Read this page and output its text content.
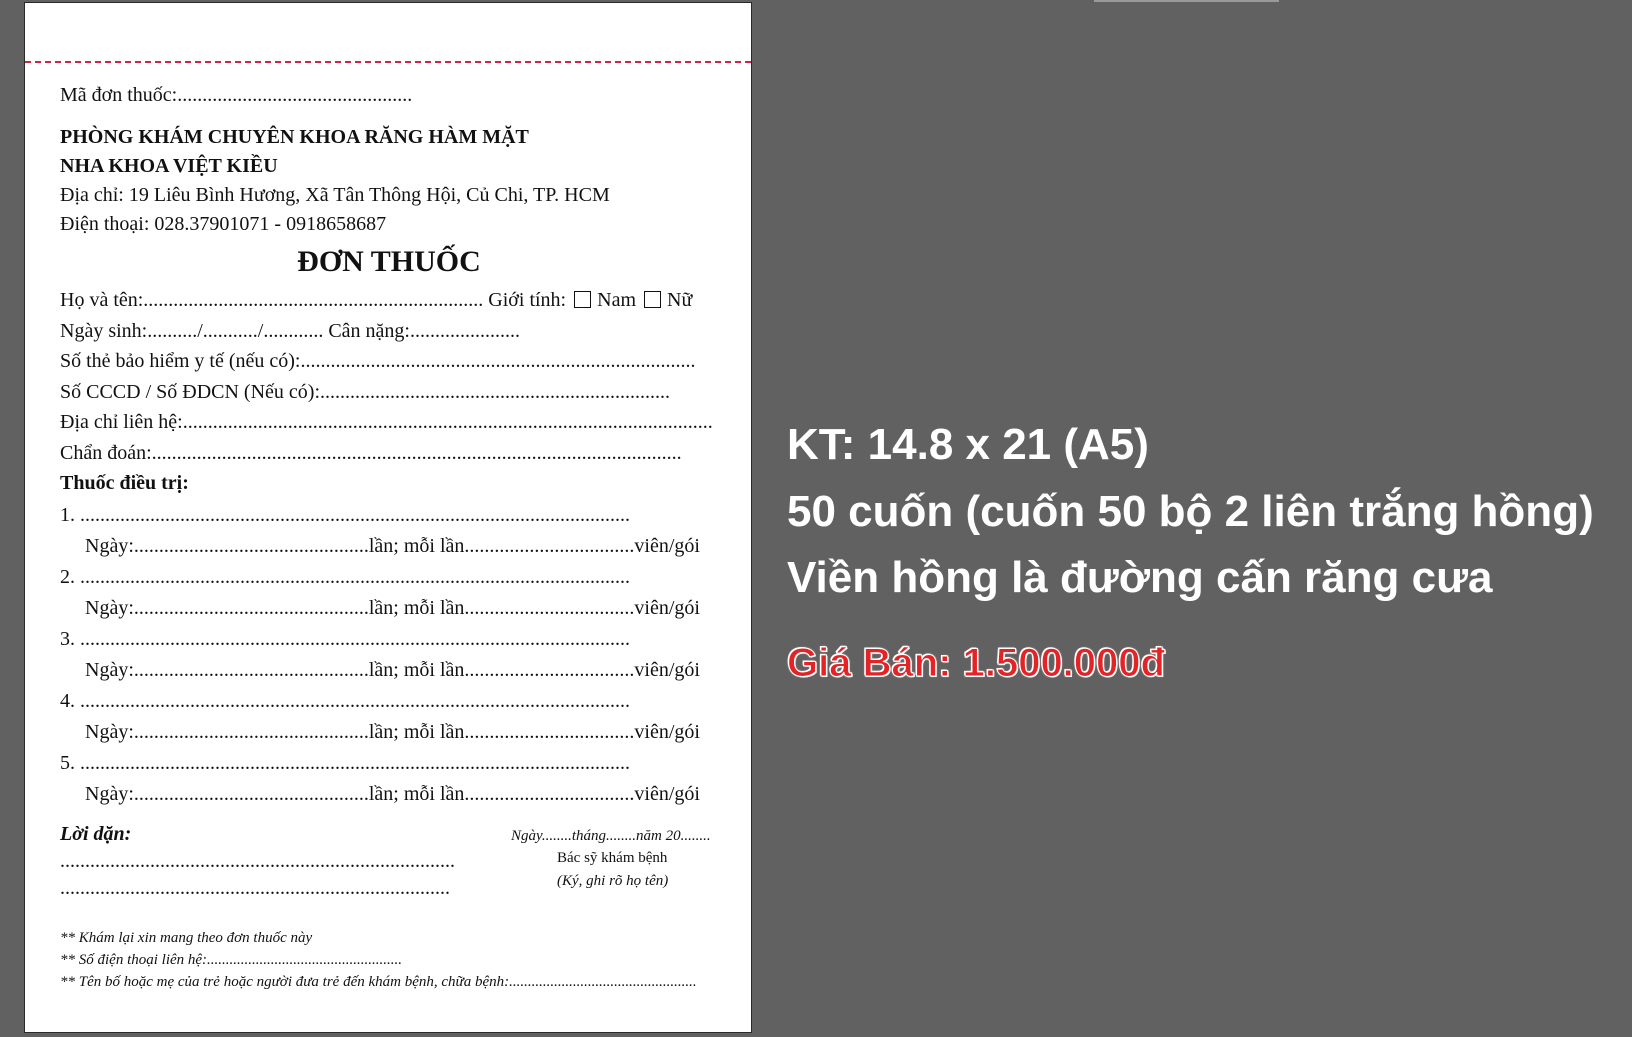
Mã đơn thuốc:...............................................
PHÒNG KHÁM CHUYÊN KHOA RĂNG HÀM MẶT
NHA KHOA VIỆT KIỀU
Địa chỉ: 19 Liêu Bình Hương, Xã Tân Thông Hội, Củ Chi, TP. HCM
Điện thoại: 028.37901071 - 0918658687
ĐƠN THUỐC
Họ và tên:.................................................................... Giới tính: Nam Nữ
Ngày sinh:........../.........../............ Cân nặng:......................
Số thẻ bảo hiểm y tế (nếu có):...............................................................................
Số CCCD / Số ĐDCN (Nếu có):......................................................................
Địa chỉ liên hệ:..........................................................................................................
Chẩn đoán:..........................................................................................................
Thuốc điều trị:
1. ..............................................................................................................
Ngày:...............................................lần; mỗi lần..................................viên/gói
2. ..............................................................................................................
Ngày:...............................................lần; mỗi lần..................................viên/gói
3. ..............................................................................................................
Ngày:...............................................lần; mỗi lần..................................viên/gói
4. ..............................................................................................................
Ngày:...............................................lần; mỗi lần..................................viên/gói
5. ..............................................................................................................
Ngày:...............................................lần; mỗi lần..................................viên/gói
Lời dặn:
...............................................................................
..............................................................................
Ngày........tháng........năm 20........
Bác sỹ khám bệnh
(Ký, ghi rõ họ tên)
** Khám lại xin mang theo đơn thuốc này
** Số điện thoại liên hệ:....................................................
** Tên bố hoặc mẹ của trẻ hoặc người đưa trẻ đến khám bệnh, chữa bệnh:..................................................
KT: 14.8 x 21 (A5)
50 cuốn (cuốn 50 bộ 2 liên trắng hồng)
Viền hồng là đường cấn răng cưa
Giá Bán: 1.500.000đ
